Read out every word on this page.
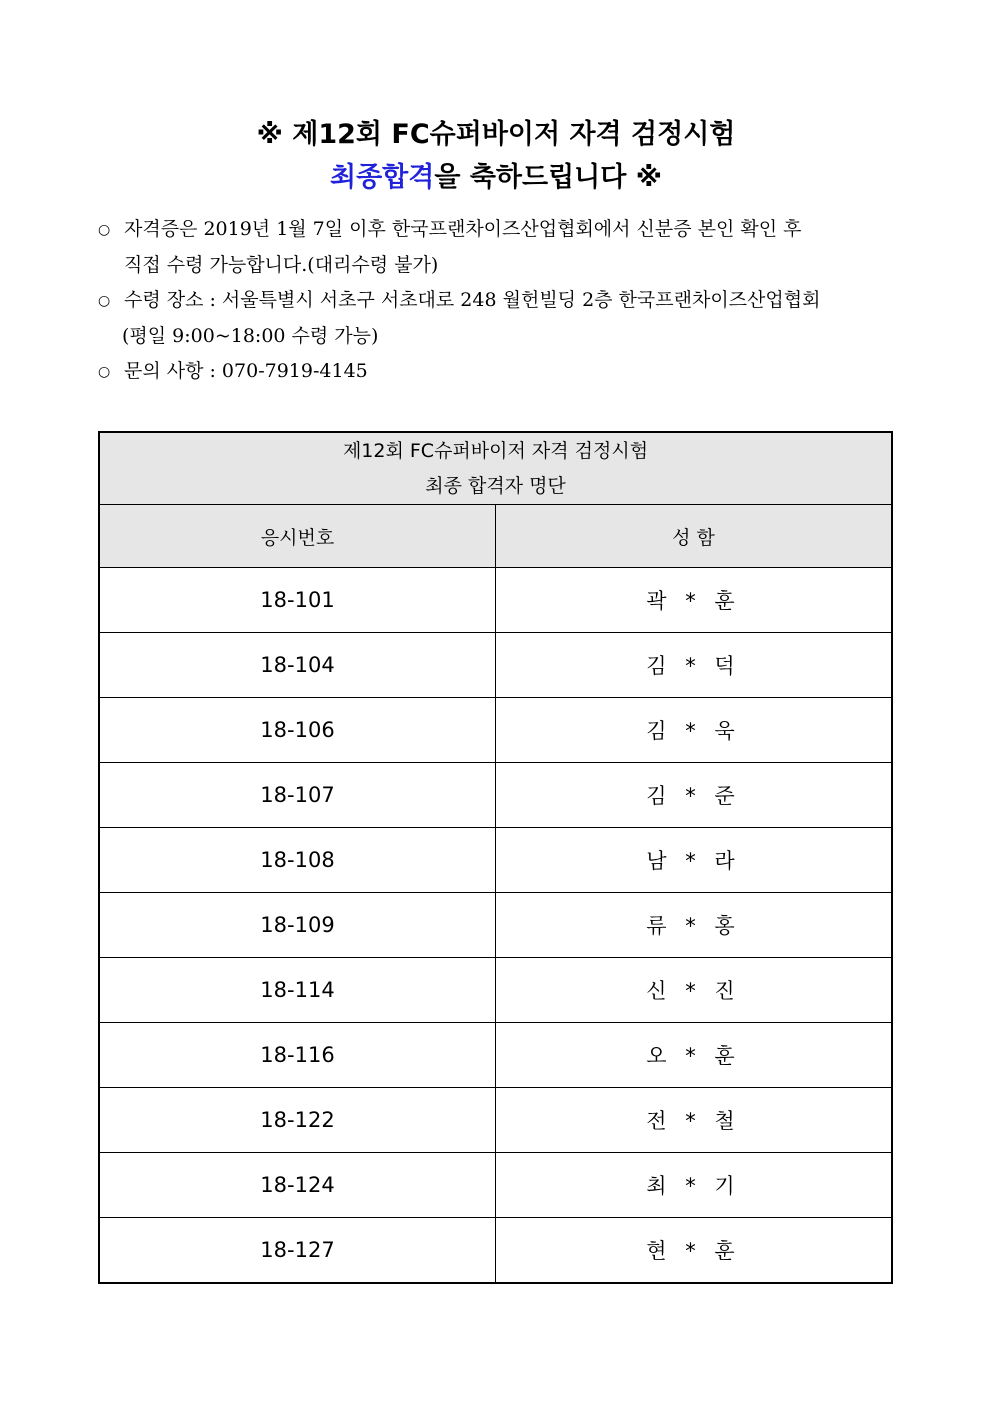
※ 제12회 FC슈퍼바이저 자격 검정시험
최종합격을 축하드립니다 ※
○ 자격증은 2019년 1월 7일 이후 한국프랜차이즈산업협회에서 신분증 본인 확인 후
직접 수령 가능합니다.(대리수령 불가)
○ 수령 장소 : 서울특별시 서초구 서초대로 248 월헌빌딩 2층 한국프랜차이즈산업협회
(평일 9:00~18:00 수령 가능)
○ 문의 사항 : 070-7919-4145
제12회 FC슈퍼바이저 자격 검정시험
최종 합격자 명단	

응시번호	성 함
18-101	곽 * 훈
18-104	김 * 덕
18-106	김 * 욱
18-107	김 * 준
18-108	남 * 라
18-109	류 * 홍
18-114	신 * 진
18-116	오 * 훈
18-122	전 * 철
18-124	최 * 기
18-127	현 * 훈
